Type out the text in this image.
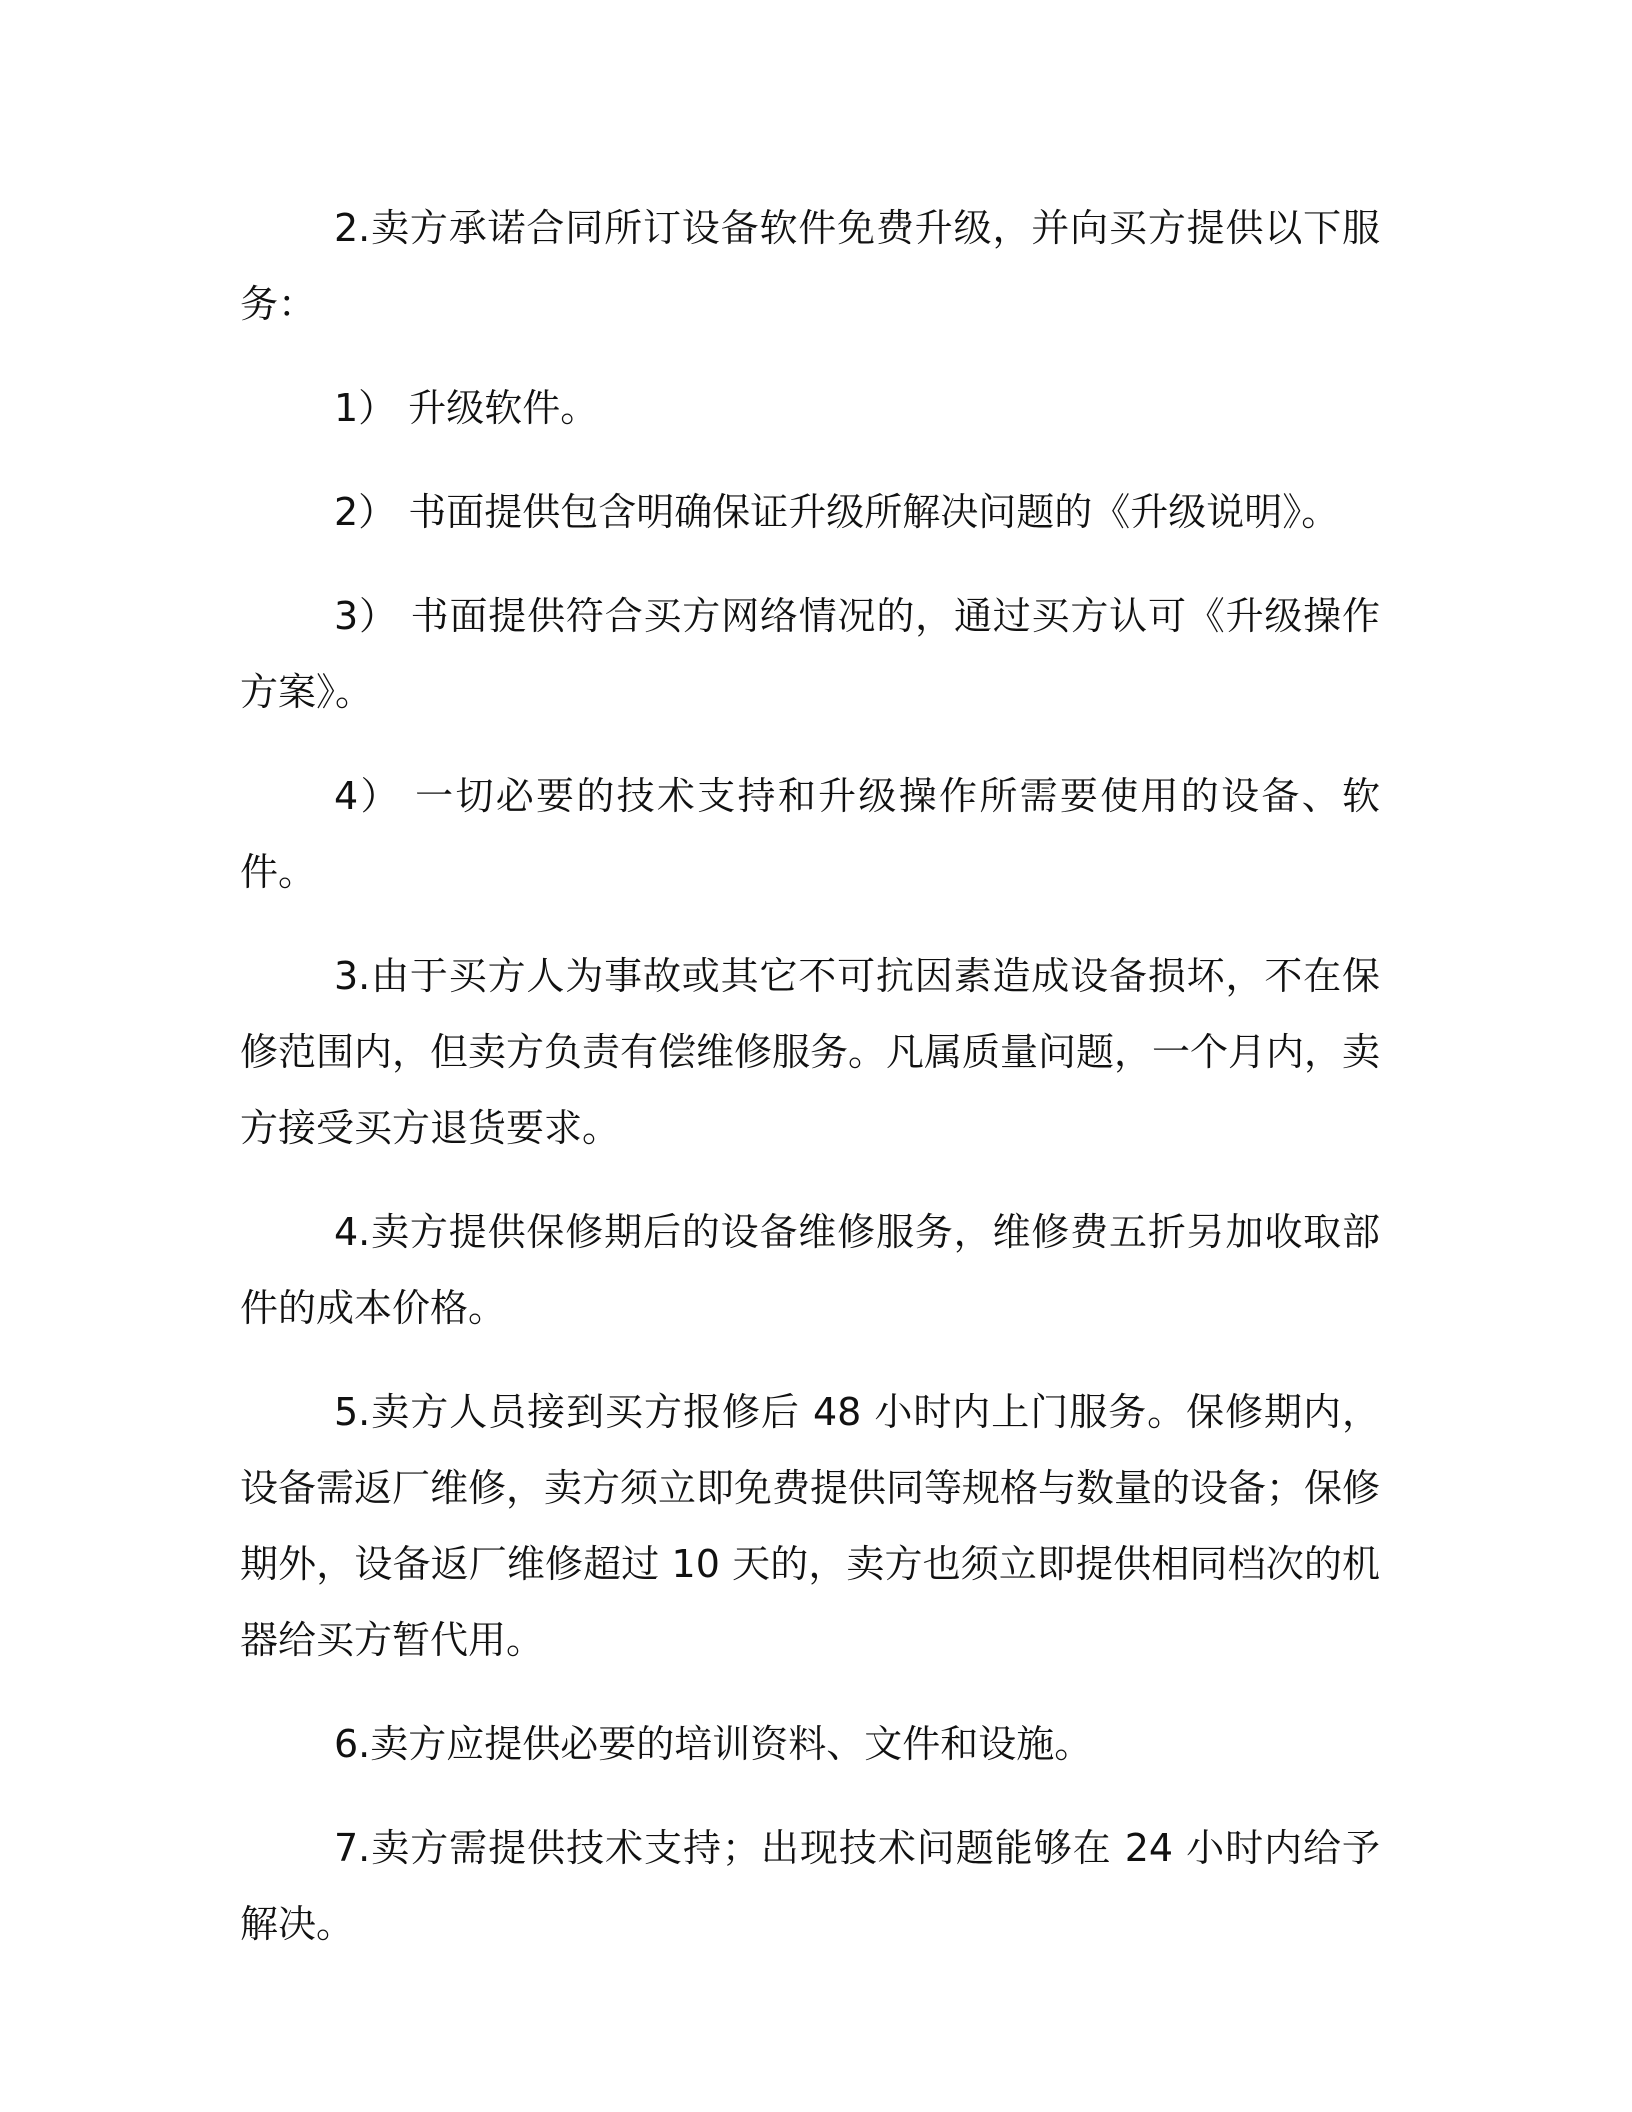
2.卖方承诺合同所订设备软件免费升级，并向买方提供以下服务：

1） 升级软件。

2） 书面提供包含明确保证升级所解决问题的《升级说明》。

3） 书面提供符合买方网络情况的，通过买方认可《升级操作方案》。

4） 一切必要的技术支持和升级操作所需要使用的设备、软件。

3.由于买方人为事故或其它不可抗因素造成设备损坏，不在保修范围内，但卖方负责有偿维修服务。凡属质量问题，一个月内，卖方接受买方退货要求。

4.卖方提供保修期后的设备维修服务，维修费五折另加收取部件的成本价格。

5.卖方人员接到买方报修后 48 小时内上门服务。保修期内，设备需返厂维修，卖方须立即免费提供同等规格与数量的设备；保修期外，设备返厂维修超过 10 天的，卖方也须立即提供相同档次的机器给买方暂代用。

6.卖方应提供必要的培训资料、文件和设施。

7.卖方需提供技术支持；出现技术问题能够在 24 小时内给予解决。
